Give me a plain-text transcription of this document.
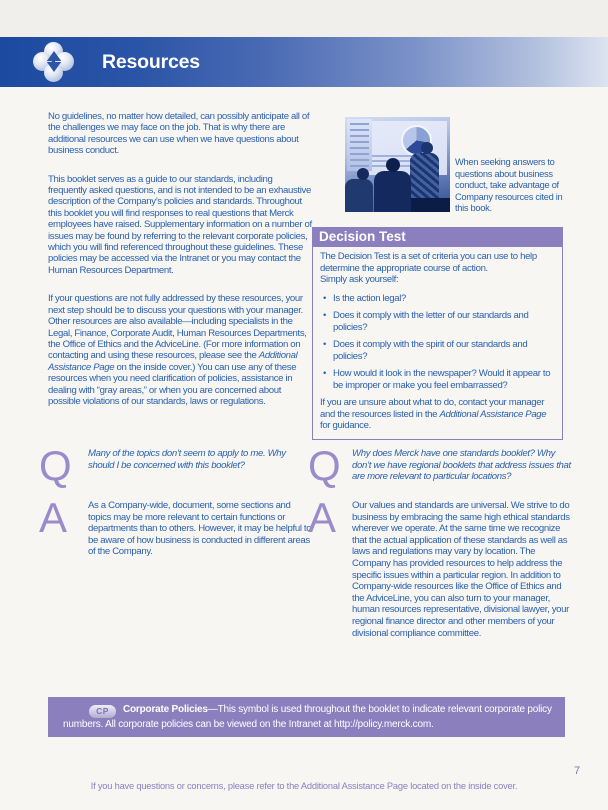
Resources

No guidelines, no matter how detailed, can possibly anticipate all of the challenges we may face on the job. That is why there are additional resources we can use when we have questions about business conduct.

This booklet serves as a guide to our standards, including frequently asked questions, and is not intended to be an exhaustive description of the Company’s policies and standards. Throughout this booklet you will find responses to real questions that Merck employees have raised. Supplementary information on a number of issues may be found by referring to the relevant corporate policies, which you will find referenced throughout these guidelines. These policies may be accessed via the Intranet or you may contact the Human Resources Department.

If your questions are not fully addressed by these resources, your next step should be to discuss your questions with your manager. Other resources are also available—including specialists in the Legal, Finance, Corporate Audit, Human Resources Departments, the Office of Ethics and the AdviceLine. (For more information on contacting and using these resources, please see the Additional Assistance Page on the inside cover.) You can use any of these resources when you need clarification of policies, assistance in dealing with “gray areas,” or when you are concerned about possible violations of our standards, laws or regulations.

When seeking answers to questions about business conduct, take advantage of Company resources cited in this book.
Decision Test

The Decision Test is a set of criteria you can use to help determine the appropriate course of action.

Simply ask yourself:

• Is the action legal?
• Does it comply with the letter of our standards and policies?
• Does it comply with the spirit of our standards and policies?
• How would it look in the newspaper? Would it appear to be improper or make you feel embarrassed?

If you are unsure about what to do, contact your manager and the resources listed in the Additional Assistance Page for guidance.

Q Many of the topics don’t seem to apply to me. Why should I be concerned with this booklet?
A As a Company-wide, document, some sections and topics may be more relevant to certain functions or departments than to others. However, it may be helpful to be aware of how business is conducted in different areas of the Company.
Q Why does Merck have one standards booklet? Why don’t we have regional booklets that address issues that are more relevant to particular locations?
A Our values and standards are universal. We strive to do business by embracing the same high ethical standards wherever we operate. At the same time we recognize that the actual application of these standards as well as laws and regulations may vary by location. The Company has provided resources to help address the specific issues within a particular region. In addition to Company-wide resources like the Office of Ethics and the AdviceLine, you can also turn to your manager, human resources representative, divisional lawyer, your regional finance director and other members of your divisional compliance committee.

CP Corporate Policies—This symbol is used throughout the booklet to indicate relevant corporate policy numbers. All corporate policies can be viewed on the Intranet at http://policy.merck.com.

7
If you have questions or concerns, please refer to the Additional Assistance Page located on the inside cover.
